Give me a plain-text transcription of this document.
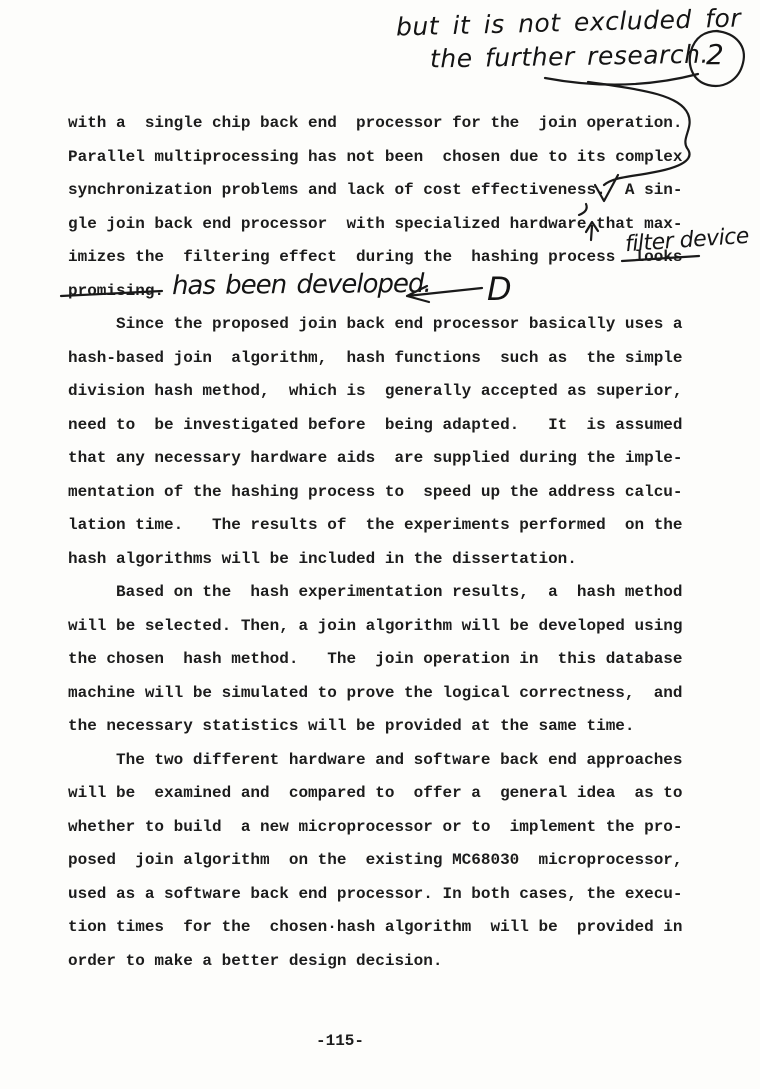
with a  single chip back end  processor for the  join operation.
Parallel multiprocessing has not been  chosen due to its complex
synchronization problems and lack of cost effectiveness.  A sin-
gle join back end processor  with specialized hardware that max-
imizes the  filtering effect  during the  hashing process  looks
promising.
Since the proposed join back end processor basically uses a
hash-based join  algorithm,  hash functions  such as  the simple
division hash method,  which is  generally accepted as superior,
need to  be investigated before  being adapted.   It  is assumed
that any necessary hardware aids  are supplied during the imple-
mentation of the hashing process to  speed up the address calcu-
lation time.   The results of  the experiments performed  on the
hash algorithms will be included in the dissertation.
Based on the  hash experimentation results,  a  hash method
will be selected. Then, a join algorithm will be developed using
the chosen  hash method.   The  join operation in  this database
machine will be simulated to prove the logical correctness,  and
the necessary statistics will be provided at the same time.
The two different hardware and software back end approaches
will be  examined and  compared to  offer a  general idea  as to
whether to build  a new microprocessor or to  implement the pro-
posed  join algorithm  on the  existing MC68030  microprocessor,
used as a software back end processor. In both cases, the execu-
tion times  for the  chosen·hash algorithm  will be  provided in
order to make a better design decision.
but it is not excluded for
the further research.
2
filter device
has been developed. D
-115-
